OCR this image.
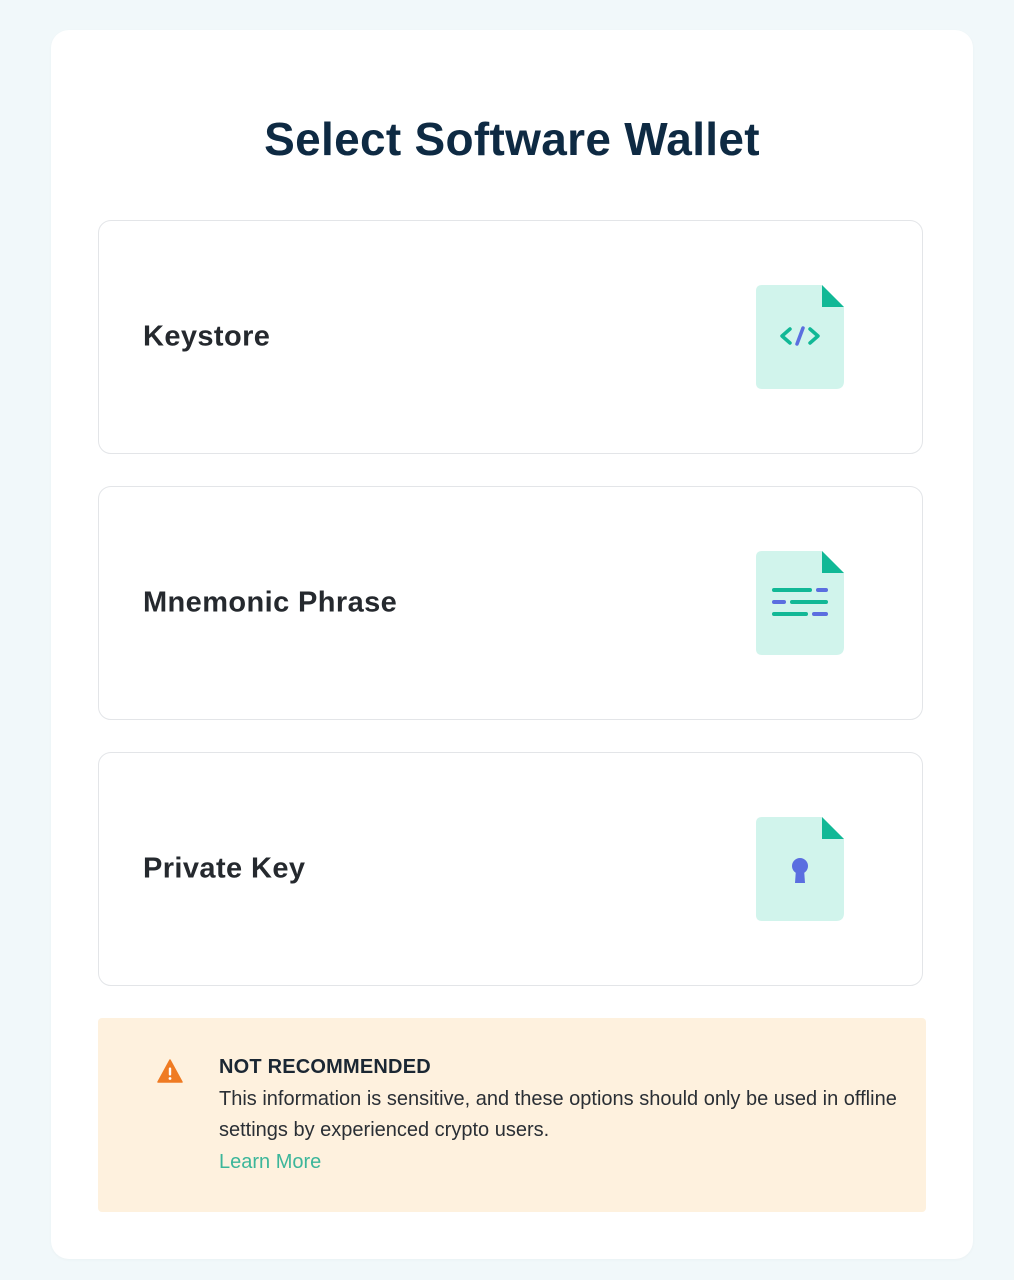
Select Software Wallet
Keystore
Mnemonic Phrase
Private Key
NOT RECOMMENDED
This information is sensitive, and these options should only be used in offline settings by experienced crypto users.
Learn More
